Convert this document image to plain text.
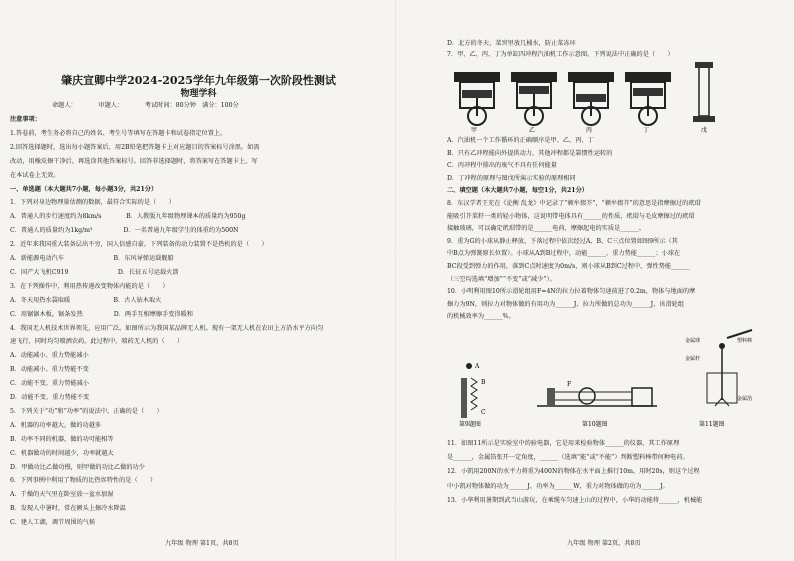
肇庆宣卿中学2024-2025学年九年级第一次阶段性测试
物理学科
命题人：　　　　审题人：　　　　考试时间：80分钟　满分：100分
注意事项：
1.答卷前，考生务必将自己的姓名、考生号等填写在答题卡和试卷指定位置上。
2.回答选择题时，选出每小题答案后，用2B铅笔把答题卡上对应题目的答案标号涂黑。如需
改动，用橡皮擦干净后，再选涂其他答案标号。回答非选择题时，将答案写在答题卡上，写
在本试卷上无效。
一、单选题（本大题共7小题，每小题3分，共21分）
1．下列对身边物理量估测的数据，最符合实际的是（　　）
A．普通人的步行速度约为8km/s　　　　B．人教版九年级物理课本的质量约为950g
C．普通人的质量约为1kg/m³　　　　　D．一名普通九年级学生的体重约为500N
2．近年来我国重大装备层出不穷，国人倍感自豪。下列装备的动力装置不是热机的是（　　）
A．新能源电动汽车　　　　　　　　B．东风导弹运载舰船
C．国产大飞机C919　　　　　　　　D．长征五号运载火箭
3．在下列操作中，利用热传递改变物体内能的是（　　）
A．冬天用热水袋取暖　　　　　　　B．古人钻木取火
C．用锯锯木板，锯条发热　　　　　D．两手互相摩擦手变得暖和
4．我国无人机技术世界领先，应用广泛。如图所示为我国某品牌无人机。现有一架无人机在农田上方沿水平方向匀
速飞行，同时均匀喷洒农药。此过程中，喷药无人机的（　　）
A．动能减小、重力势能减小
B．动能减小、重力势能不变
C．动能不变、重力势能减小
D．动能不变、重力势能不变
5．下列关于“功”和“功率”的说法中，正确的是（　　）
A．机器的功率越大，做的功越多
B．功率不同的机器，做的功可能相等
C．机器做功的时间越少，功率就越大
D．甲做功比乙做功慢，则甲做的功比乙做的功少
6．下列事例中利用了物质的比热容特性的是（　　）
A．干燥的天气里在卧室放一盆水加湿
B．发现人中暑时，常在额头上擦冷水降温
C．建人工湖，调节周围的气候
九年级 物理 第1页，共8页
D．北方的冬天，菜窖里放几桶水，防止菜冻坏
7．甲、乙、丙、丁为单缸四冲程汽油机工作示意图。下列说法中正确的是（　　）
甲	乙	丙	丁	戊
A．汽油机一个工作循环的正确顺序是甲、乙、丙、丁
B．只有乙冲程能向外提供动力，其他冲程都是靠惯性运转的
C．丙冲程中排出的废气不具有任何能量
D．丁冲程的原理与图戊所演示实验的原理相同
二、填空题（本大题共7小题，每空1分，共21分）
8．东汉学者王充在《论衡 乱龙》中记录了“顿牟掇芥”，“顿牟掇芥”的意思是指摩擦过的玳瑁
能吸引芥菜籽一类的轻小物体，这说明带电体具有______的性质，玳瑁与毛皮摩擦过的玳瑁
接触玻璃，可以确定玳瑁带的是______电荷，摩擦起电的实质是______。
9．重为G的小球从静止释放，下落过程中依次经过A、B、C三点位置如图9所示（其
中B点为弹簧原长位置）。小球从A到B过程中，动能______，重力势能______；小球在
BC段受到弹力的作用，落到C点时速度为0m/s，则小球从B到C过程中，弹性势能______
（三空均选填“增加”“不变”或“减少”）。
10．小明利用图10所示滑轮组用F=4N的拉力拉着物体匀速前进了0.2m，物体与地面的摩
擦力为9N，则拉力对物体做的有用功为______J，拉力所做的总功为______J，该滑轮组
的机械效率为______%。
A
B
C
F
金属球
金属杆
塑料棒
金属箔
第9题图	第10题图	第11题图
11．如图11所示是实验室中的验电器，它是用来检验物体______的仪器，其工作原理
是______，金属箔张开一定角度，______（选填“能”或“不能”）判断塑料棒带何种电荷。
12．小凯用200N的水平力将重为400N的物体在水平面上推行10m，用时20s，则这个过程
中小凯对物体做的功为______J，功率为______W，重力对物体做的功为______J。
13．小华利用暑期到武当山游玩，在乘缆车匀速上山的过程中，小华的动能将______，机械能
九年级 物理 第2页，共8页
